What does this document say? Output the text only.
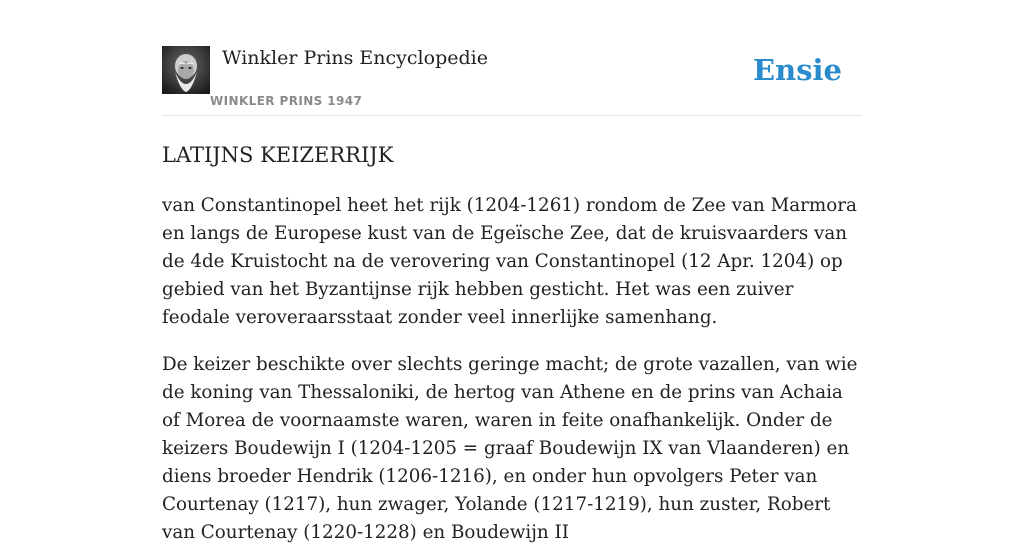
Winkler Prins Encyclopedie
WINKLER PRINS 1947
Ensie
LATIJNS KEIZERRIJK

van Constantinopel heet het rijk (1204-1261) rondom de Zee van Marmora en langs de Europese kust van de Egeïsche Zee, dat de kruisvaarders van de 4de Kruistocht na de verovering van Constantinopel (12 Apr. 1204) op gebied van het Byzantijnse rijk hebben gesticht. Het was een zuiver feodale veroveraarsstaat zonder veel innerlijke samenhang.

De keizer beschikte over slechts geringe macht; de grote vazallen, van wie de koning van Thessaloniki, de hertog van Athene en de prins van Achaia of Morea de voornaamste waren, waren in feite onafhankelijk. Onder de keizers Boudewijn I (1204-1205 = graaf Boudewijn IX van Vlaanderen) en diens broeder Hendrik (1206-1216), en onder hun opvolgers Peter van Courtenay (1217), hun zwager, Yolande (1217-1219), hun zuster, Robert van Courtenay (1220-1228) en Boudewijn II
